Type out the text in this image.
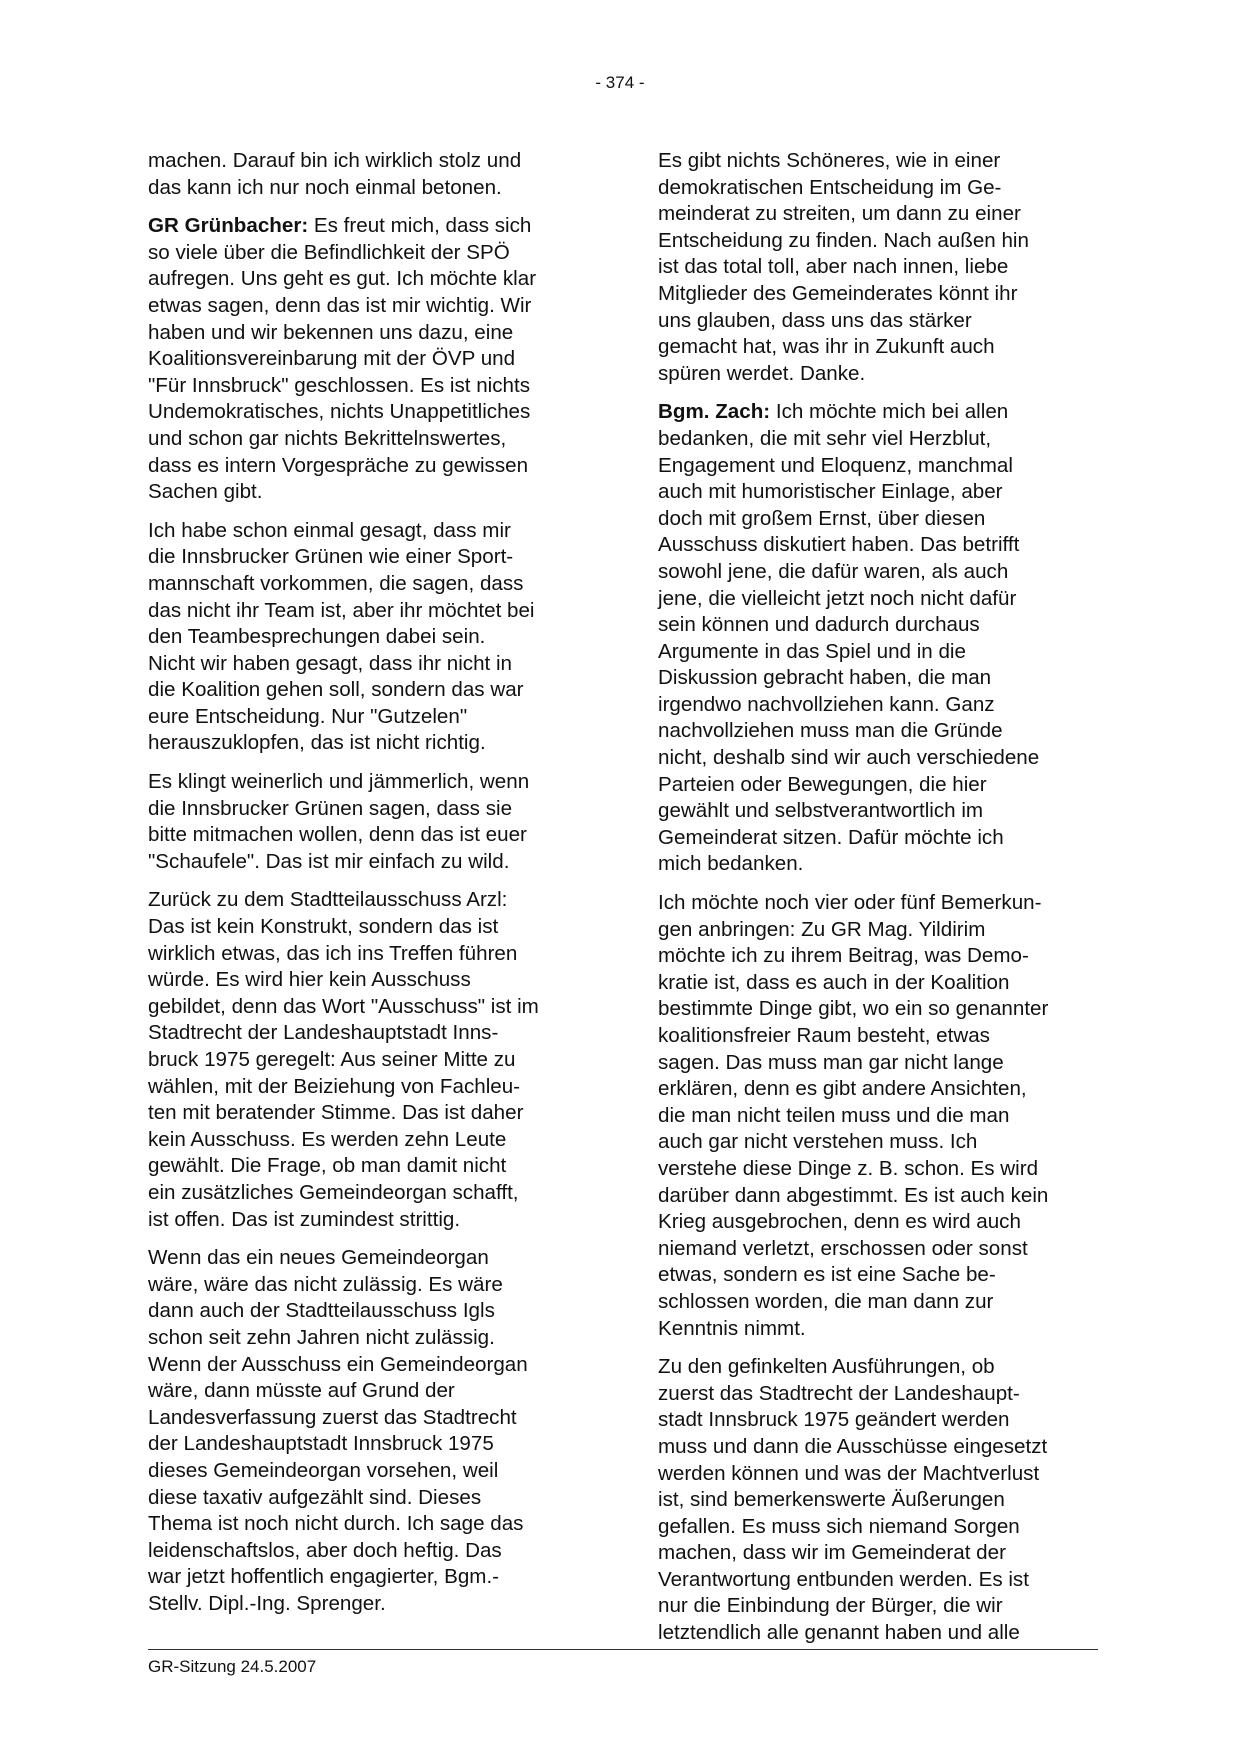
- 374 -
machen. Darauf bin ich wirklich stolz und
das kann ich nur noch einmal betonen.
GR Grünbacher: Es freut mich, dass sich
so viele über die Befindlichkeit der SPÖ
aufregen. Uns geht es gut. Ich möchte klar
etwas sagen, denn das ist mir wichtig. Wir
haben und wir bekennen uns dazu, eine
Koalitionsvereinbarung mit der ÖVP und
"Für Innsbruck" geschlossen. Es ist nichts
Undemokratisches, nichts Unappetitliches
und schon gar nichts Bekrittelnswertes,
dass es intern Vorgespräche zu gewissen
Sachen gibt.
Ich habe schon einmal gesagt, dass mir
die Innsbrucker Grünen wie einer Sport-
mannschaft vorkommen, die sagen, dass
das nicht ihr Team ist, aber ihr möchtet bei
den Teambesprechungen dabei sein.
Nicht wir haben gesagt, dass ihr nicht in
die Koalition gehen soll, sondern das war
eure Entscheidung. Nur "Gutzelen"
herauszuklopfen, das ist nicht richtig.
Es klingt weinerlich und jämmerlich, wenn
die Innsbrucker Grünen sagen, dass sie
bitte mitmachen wollen, denn das ist euer
"Schaufele". Das ist mir einfach zu wild.
Zurück zu dem Stadtteilausschuss Arzl:
Das ist kein Konstrukt, sondern das ist
wirklich etwas, das ich ins Treffen führen
würde. Es wird hier kein Ausschuss
gebildet, denn das Wort "Ausschuss" ist im
Stadtrecht der Landeshauptstadt Inns-
bruck 1975 geregelt: Aus seiner Mitte zu
wählen, mit der Beiziehung von Fachleu-
ten mit beratender Stimme. Das ist daher
kein Ausschuss. Es werden zehn Leute
gewählt. Die Frage, ob man damit nicht
ein zusätzliches Gemeindeorgan schafft,
ist offen. Das ist zumindest strittig.
Wenn das ein neues Gemeindeorgan
wäre, wäre das nicht zulässig. Es wäre
dann auch der Stadtteilausschuss Igls
schon seit zehn Jahren nicht zulässig.
Wenn der Ausschuss ein Gemeindeorgan
wäre, dann müsste auf Grund der
Landesverfassung zuerst das Stadtrecht
der Landeshauptstadt Innsbruck 1975
dieses Gemeindeorgan vorsehen, weil
diese taxativ aufgezählt sind. Dieses
Thema ist noch nicht durch. Ich sage das
leidenschaftslos, aber doch heftig. Das
war jetzt hoffentlich engagierter, Bgm.-
Stellv. Dipl.-Ing. Sprenger.
Es gibt nichts Schöneres, wie in einer
demokratischen Entscheidung im Ge-
meinderat zu streiten, um dann zu einer
Entscheidung zu finden. Nach außen hin
ist das total toll, aber nach innen, liebe
Mitglieder des Gemeinderates könnt ihr
uns glauben, dass uns das stärker
gemacht hat, was ihr in Zukunft auch
spüren werdet. Danke.
Bgm. Zach: Ich möchte mich bei allen
bedanken, die mit sehr viel Herzblut,
Engagement und Eloquenz, manchmal
auch mit humoristischer Einlage, aber
doch mit großem Ernst, über diesen
Ausschuss diskutiert haben. Das betrifft
sowohl jene, die dafür waren, als auch
jene, die vielleicht jetzt noch nicht dafür
sein können und dadurch durchaus
Argumente in das Spiel und in die
Diskussion gebracht haben, die man
irgendwo nachvollziehen kann. Ganz
nachvollziehen muss man die Gründe
nicht, deshalb sind wir auch verschiedene
Parteien oder Bewegungen, die hier
gewählt und selbstverantwortlich im
Gemeinderat sitzen. Dafür möchte ich
mich bedanken.
Ich möchte noch vier oder fünf Bemerkun-
gen anbringen: Zu GR Mag. Yildirim
möchte ich zu ihrem Beitrag, was Demo-
kratie ist, dass es auch in der Koalition
bestimmte Dinge gibt, wo ein so genannter
koalitionsfreier Raum besteht, etwas
sagen. Das muss man gar nicht lange
erklären, denn es gibt andere Ansichten,
die man nicht teilen muss und die man
auch gar nicht verstehen muss. Ich
verstehe diese Dinge z. B. schon. Es wird
darüber dann abgestimmt. Es ist auch kein
Krieg ausgebrochen, denn es wird auch
niemand verletzt, erschossen oder sonst
etwas, sondern es ist eine Sache be-
schlossen worden, die man dann zur
Kenntnis nimmt.
Zu den gefinkelten Ausführungen, ob
zuerst das Stadtrecht der Landeshaupt-
stadt Innsbruck 1975 geändert werden
muss und dann die Ausschüsse eingesetzt
werden können und was der Machtverlust
ist, sind bemerkenswerte Äußerungen
gefallen. Es muss sich niemand Sorgen
machen, dass wir im Gemeinderat der
Verantwortung entbunden werden. Es ist
nur die Einbindung der Bürger, die wir
letztendlich alle genannt haben und alle
GR-Sitzung 24.5.2007
